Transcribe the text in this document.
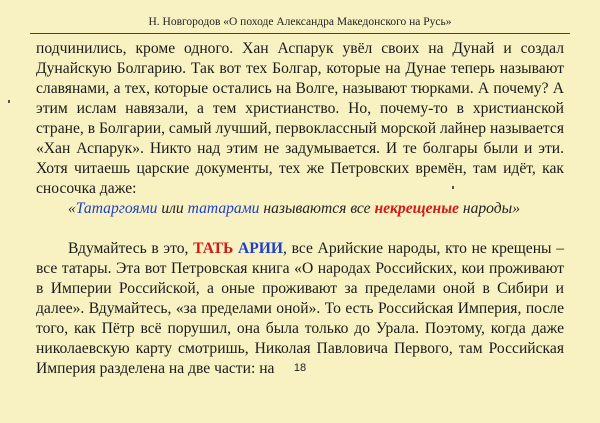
Н. Новгородов «О походе Александра Македонского на Русь»

подчинились, кроме одного. Хан Аспарук увёл своих на Дунай и создал Дунайскую Болгарию. Так вот тех Болгар, которые на Дунае теперь называют славянами, а тех, которые остались на Волге, называют тюрками. А почему? А этим ислам навязали, а тем христианство. Но, почему-то в христианской стране, в Болгарии, самый лучший, первоклассный морской лайнер называется «Хан Аспарук». Никто над этим не задумывается. И те болгары были и эти. Хотя читаешь царские документы, тех же Петровских времён, там идёт, как сносочка даже:

«Татаргоями или татарами называются все некрещеные народы»

Вдумайтесь в это, ТАТЬ АРИИ, все Арийские народы, кто не крещены – все татары. Эта вот Петровская книга «О народах Российских, кои проживают в Империи Российской, а оные проживают за пределами оной в Сибири и далее». Вдумайтесь, «за пределами оной». То есть Российская Империя, после того, как Пётр всё порушил, она была только до Урала. Поэтому, когда даже николаевскую карту смотришь, Николая Павловича Первого, там Российская Империя разделена на две части: на	18
